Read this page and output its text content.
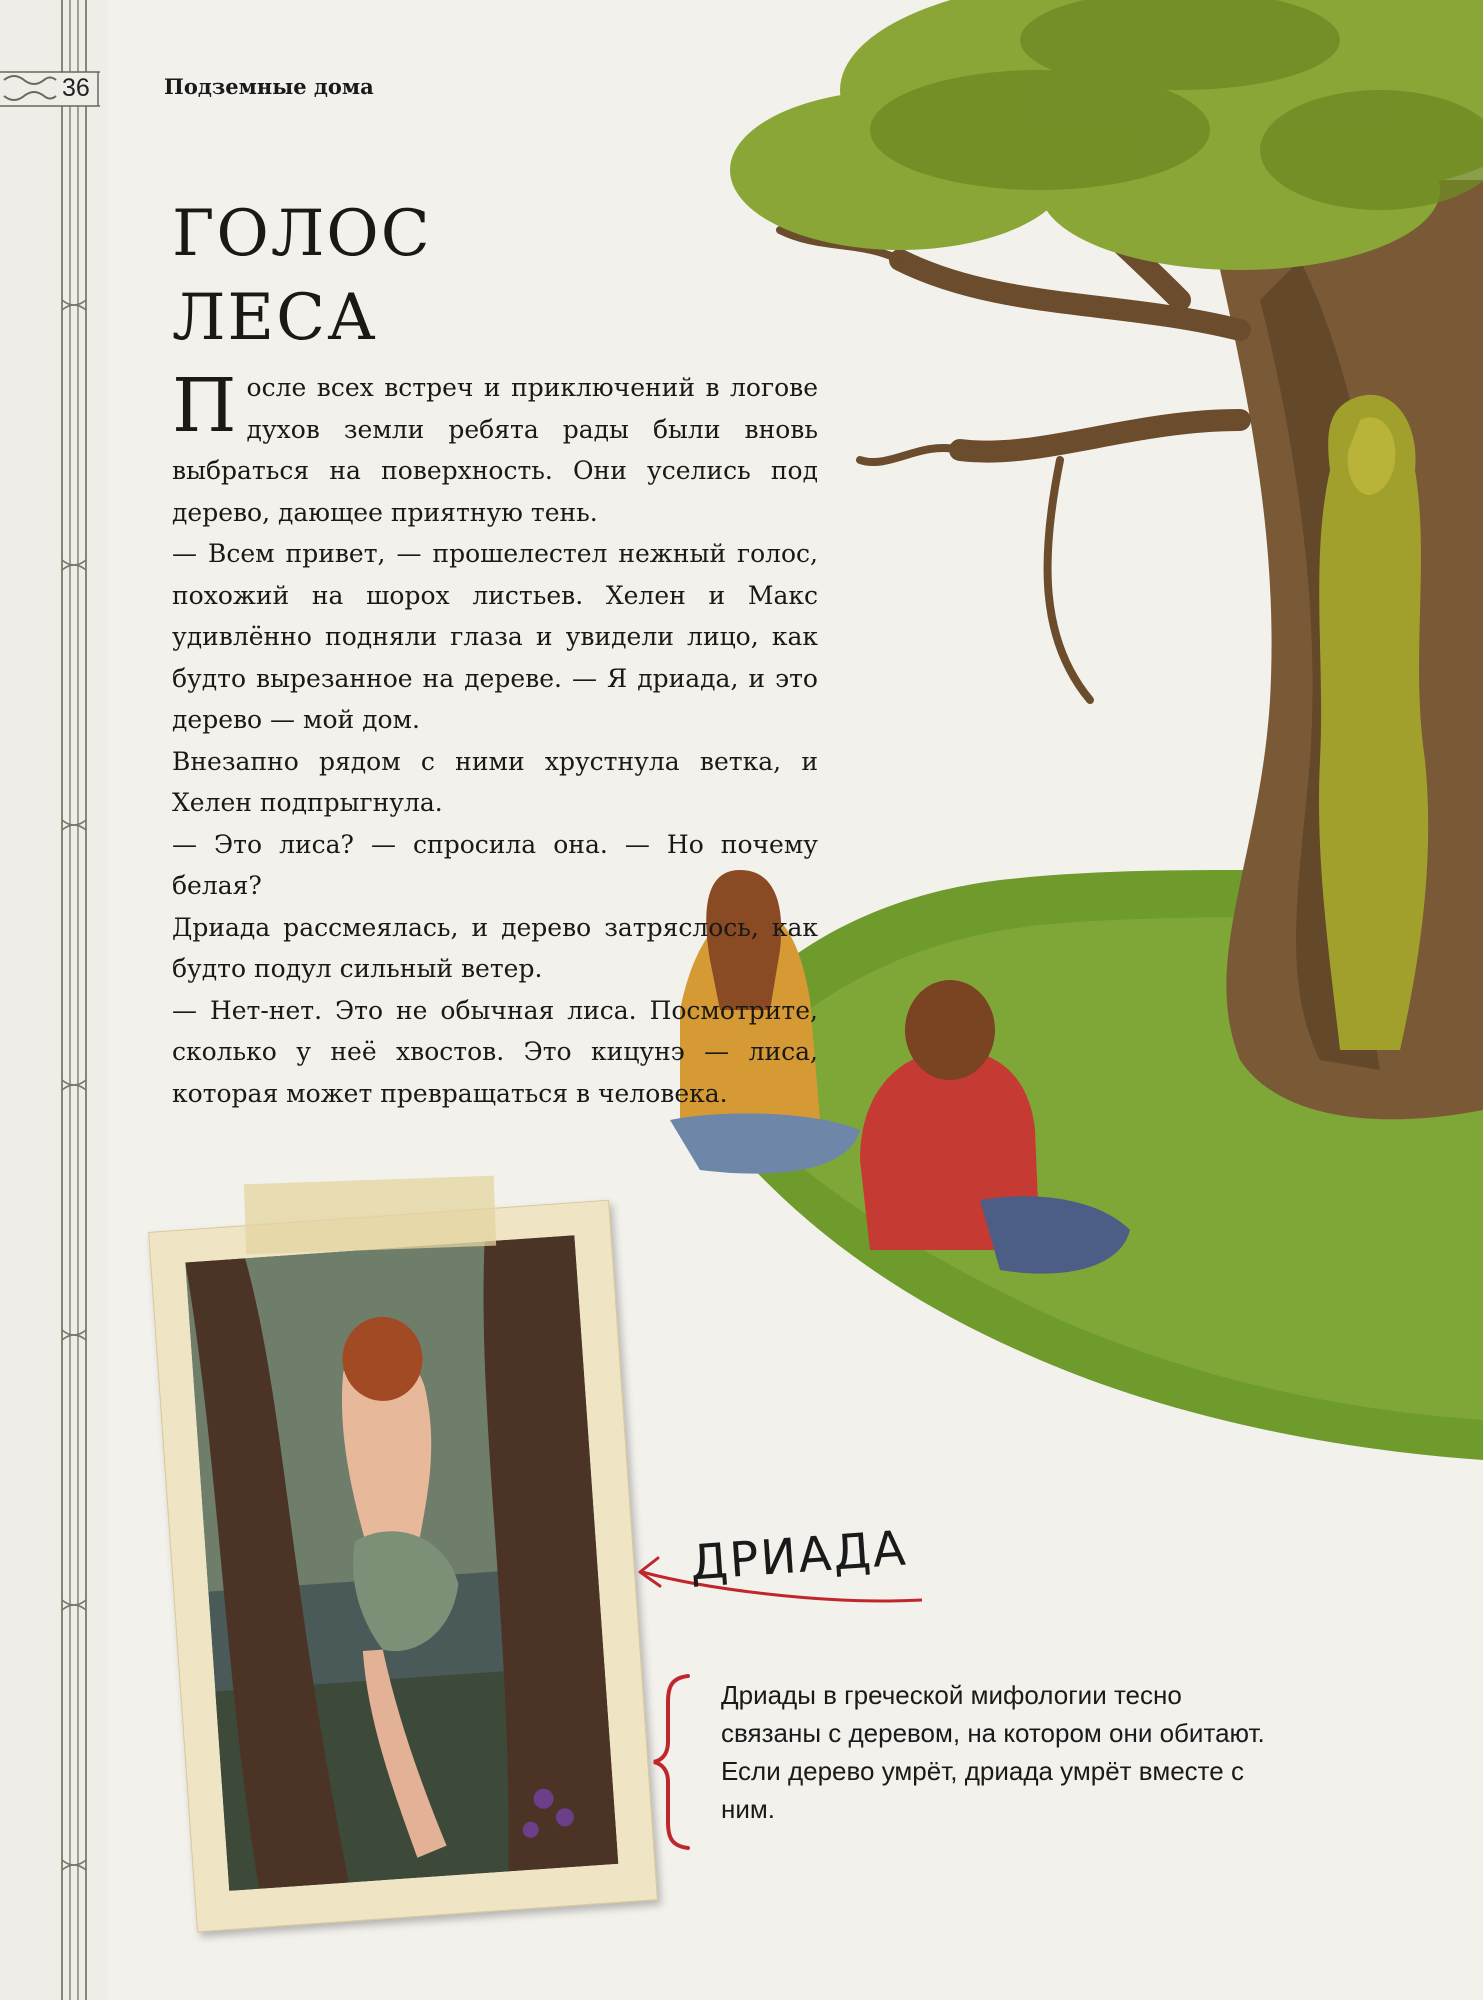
36	Подземные дома
ГОЛОС
ЛЕСА

После всех встреч и приключений в логове духов земли ребята рады были вновь выбраться на поверхность. Они уселись под дерево, дающее приятную тень.

— Всем привет, — прошелестел нежный голос, похожий на шорох листьев. Хелен и Макс удивлённо подняли глаза и увидели лицо, как будто вырезанное на дереве. — Я дриада, и это дерево — мой дом.

Внезапно рядом с ними хрустнула ветка, и Хелен подпрыгнула.

— Это лиса? — спросила она. — Но почему белая?

Дриада рассмеялась, и дерево затряслось, как будто подул сильный ветер.

— Нет-нет. Это не обычная лиса. Посмотрите, сколько у неё хвостов. Это кицунэ — лиса, которая может превращаться в человека.

ДРИАДА
Дриады в греческой мифологии тесно связаны с деревом, на котором они обитают. Если дерево умрёт, дриада умрёт вместе с ним.
